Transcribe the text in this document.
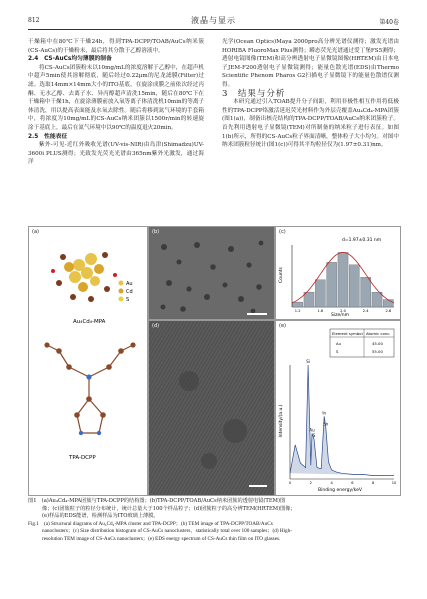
812	液晶与显示	第40卷

干燥箱中在80℃下干燥24h，得到TPA-DCPP/TOAB/AuCs纳米簇(CS-AuCs)的干燥粉末，最后将其分散于乙醇溶液中。

2.4　CS-AuCs均匀薄膜的制备

将CS-AuCs团簇粉末以10mg/mL的浓度溶解于乙醇中，在超声机中超声5min使其溶解彻底，随后经过0.22μm的尼龙滤膜(Filter)过滤。选取14mm×14mm大小的ITO基底，在旋涂成膜之前依次经过丙酮、无水乙醇、去离子水、异丙醇超声清洗15min，随后在80℃下在干燥箱中干燥1h，在旋涂薄膜前放入氧等离子体清洗机10min的等离子体清洗，用以提高表面能及水氧去除性。随后将移到氮气环境的手套箱中，将浓度为10mg/mL的CS-AuCs纳米团簇以1500r/min的转速旋涂于基底上，最后在氮气环境中以90℃的温度退火20min。

2.5　性能表征

紫外-可见-近红外吸收光谱(UV-vis-NIR)由岛津(Shimadzu)UV-3600i PLUS测得；光致发光荧光光谱由365nm紫外光激发，通过海洋

光学(Ocean Optics)Maya 2000pro高分辨光谱仪测得；激发光谱由HORIBA FluoroMax Plus测得；瞬态荧光光谱通过爱丁堡FS5测得；透射电镜图像(TEM)和高分辨透射电子显微镜图像(HRTEM)由日本电子JEM-F200透射电子显微镜测得；能量色散光谱(EDS)由Thermo Scientific Phenom Pharos G2扫描电子显微镜下的能量色散谱仪测得。

3　结果与分析

本研究通过引入TOAB提升分子间距，利用非极性相互作用将低极性的TPA-DCPP络激活延迟荧光材料作为外层壳覆盖Au₄Cd₄-MPA团簇(图1(a))，制备出核壳结构的TPA-DCPP/TOAB/AuCs纳米团簇粒子。首先利用透射电子显微镜(TEM)对所制备的纳米粒子进行表征。如图1(b)所示，所得的CS-AuCs粒子界面清晰，整体粒子大小均匀。对图中纳米团簇粒径统计(图1(c))可得其平均粒径仅为(1.97±0.31)nm。

(a)
Au
Cd
S
Au₄Cd₄-MPA
TPA-DCPP
(b)	(c)
d=1.97±0.31 nm
Size/nm
Counts
1.2	1.6	2.0	2.4	2.8
(d)	(e)
Element symbol Atomic conc.
Au	45.00
S	55.00
Binding energy/keV
Intensity/(a.u.)
Si
Au
S
In
Sn
0	2	4	6	8	10

图1　(a)Au₄Cd₄-MPA团簇与TPA-DCPP的结构图；(b)TPA-DCPP/TOAB/AuCs纳米团簇的透射电镜(TEM)图

像；(c)团簇粒子的粒径分布统计，统计总量大于100个样品粒子；(d)团簇粒子的高分辨TEM(HRTEM)图像；

(e)样品的EDS能谱，检测样品为ITO玻璃上薄膜。

Fig.1　(a) Structural diagrams of Au₄Cd₄-MPA cluster and TPA-DCPP；(b) TEM image of TPA-DCPP/TOAB/AuCs

nanoclusters；(c) Size distribution histogram of CS-AuCs nanoclusters，statistically total over 100 samples；(d) High-

resolution TEM image of CS-AuCs nanoclusters；(e) EDS energy spectrum of CS-AuCs thin film on ITO glasses.
